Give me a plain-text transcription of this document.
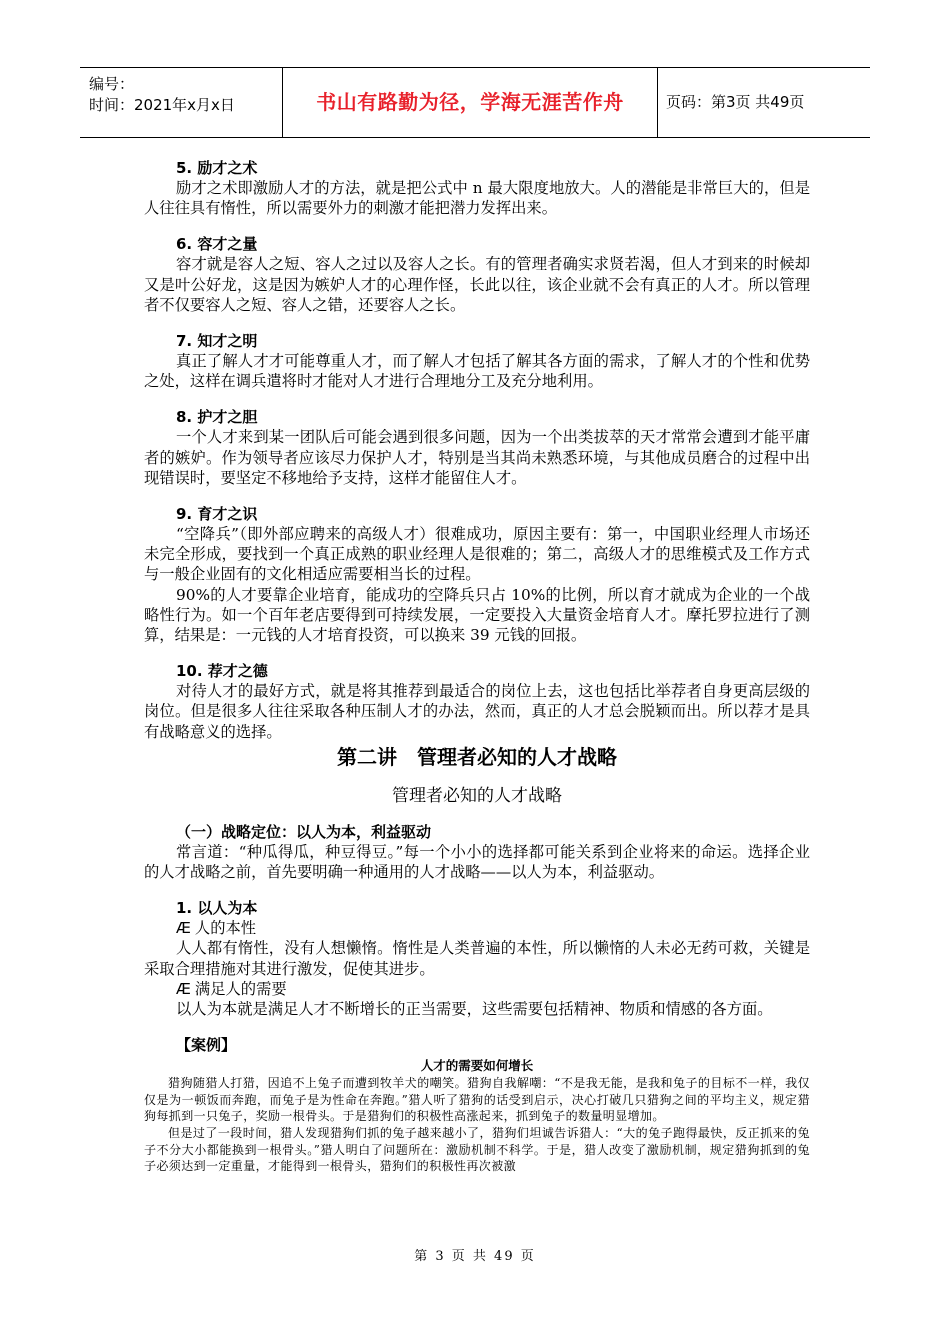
编号：
时间：2021年x月x日	书山有路勤为径，学海无涯苦作舟	页码：第3页 共49页
5. 励才之术

励才之术即激励人才的方法，就是把公式中 n 最大限度地放大。人的潜能是非常巨大的，但是人往往具有惰性，所以需要外力的刺激才能把潜力发挥出来。

6. 容才之量

容才就是容人之短、容人之过以及容人之长。有的管理者确实求贤若渴，但人才到来的时候却又是叶公好龙，这是因为嫉妒人才的心理作怪，长此以往，该企业就不会有真正的人才。所以管理者不仅要容人之短、容人之错，还要容人之长。

7. 知才之明

真正了解人才才可能尊重人才，而了解人才包括了解其各方面的需求，了解人才的个性和优势之处，这样在调兵遣将时才能对人才进行合理地分工及充分地利用。

8. 护才之胆

一个人才来到某一团队后可能会遇到很多问题，因为一个出类拔萃的天才常常会遭到才能平庸者的嫉妒。作为领导者应该尽力保护人才，特别是当其尚未熟悉环境，与其他成员磨合的过程中出现错误时，要坚定不移地给予支持，这样才能留住人才。

9. 育才之识

“空降兵”（即外部应聘来的高级人才）很难成功，原因主要有：第一，中国职业经理人市场还未完全形成，要找到一个真正成熟的职业经理人是很难的；第二，高级人才的思维模式及工作方式与一般企业固有的文化相适应需要相当长的过程。

90%的人才要靠企业培育，能成功的空降兵只占 10%的比例，所以育才就成为企业的一个战略性行为。如一个百年老店要得到可持续发展，一定要投入大量资金培育人才。摩托罗拉进行了测算，结果是：一元钱的人才培育投资，可以换来 39 元钱的回报。

10. 荐才之德

对待人才的最好方式，就是将其推荐到最适合的岗位上去，这也包括比举荐者自身更高层级的岗位。但是很多人往往采取各种压制人才的办法，然而，真正的人才总会脱颖而出。所以荐才是具有战略意义的选择。

第二讲　管理者必知的人才战略

管理者必知的人才战略

（一）战略定位：以人为本，利益驱动

常言道：“种瓜得瓜，种豆得豆。”每一个小小的选择都可能关系到企业将来的命运。选择企业的人才战略之前，首先要明确一种通用的人才战略——以人为本，利益驱动。

1. 以人为本

Æ 人的本性

人人都有惰性，没有人想懒惰。惰性是人类普遍的本性，所以懒惰的人未必无药可救，关键是采取合理措施对其进行激发，促使其进步。

Æ 满足人的需要

以人为本就是满足人才不断增长的正当需要，这些需要包括精神、物质和情感的各方面。

【案例】
人才的需要如何增长

猎狗随猎人打猎，因追不上兔子而遭到牧羊犬的嘲笑。猎狗自我解嘲：“不是我无能，是我和兔子的目标不一样，我仅仅是为一顿饭而奔跑，而兔子是为性命在奔跑。”猎人听了猎狗的话受到启示，决心打破几只猎狗之间的平均主义，规定猎狗每抓到一只兔子，奖励一根骨头。于是猎狗们的积极性高涨起来，抓到兔子的数量明显增加。

但是过了一段时间，猎人发现猎狗们抓的兔子越来越小了，猎狗们坦诚告诉猎人：“大的兔子跑得最快，反正抓来的兔子不分大小都能换到一根骨头。”猎人明白了问题所在：激励机制不科学。于是，猎人改变了激励机制，规定猎狗抓到的兔子必须达到一定重量，才能得到一根骨头，猎狗们的积极性再次被激

第 3 页 共 49 页
